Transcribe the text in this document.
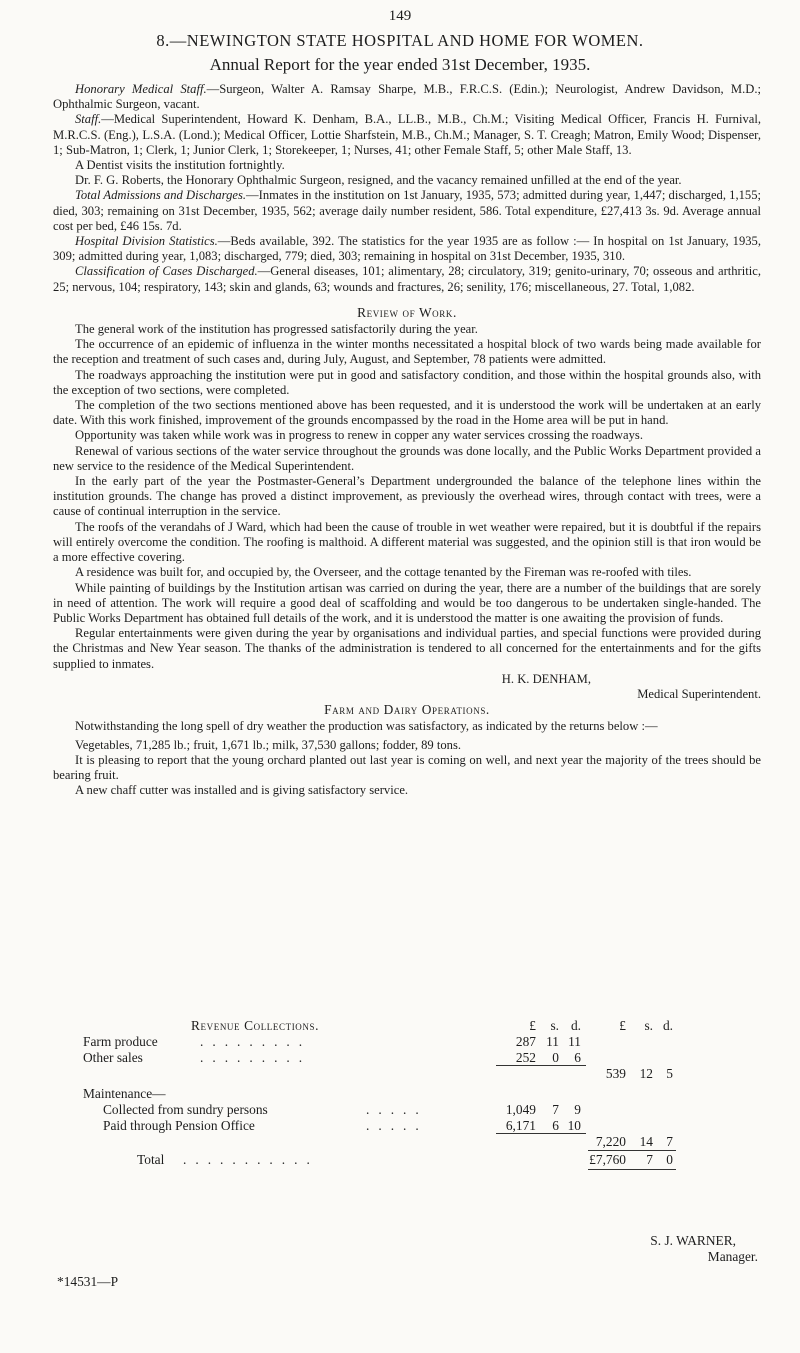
149
8.—NEWINGTON STATE HOSPITAL AND HOME FOR WOMEN.
Annual Report for the year ended 31st December, 1935.

Honorary Medical Staff.—Surgeon, Walter A. Ramsay Sharpe, M.B., F.R.C.S. (Edin.); Neurologist, Andrew Davidson, M.D.; Ophthalmic Surgeon, vacant.

Staff.—Medical Superintendent, Howard K. Denham, B.A., LL.B., M.B., Ch.M.; Visiting Medical Officer, Francis H. Furnival, M.R.C.S. (Eng.), L.S.A. (Lond.); Medical Officer, Lottie Sharfstein, M.B., Ch.M.; Manager, S. T. Creagh; Matron, Emily Wood; Dispenser, 1; Sub-Matron, 1; Clerk, 1; Junior Clerk, 1; Storekeeper, 1; Nurses, 41; other Female Staff, 5; other Male Staff, 13.

A Dentist visits the institution fortnightly.

Dr. F. G. Roberts, the Honorary Ophthalmic Surgeon, resigned, and the vacancy remained unfilled at the end of the year.

Total Admissions and Discharges.—Inmates in the institution on 1st January, 1935, 573; admitted during year, 1,447; discharged, 1,155; died, 303; remaining on 31st December, 1935, 562; average daily number resident, 586. Total expenditure, £27,413 3s. 9d. Average annual cost per bed, £46 15s. 7d.

Hospital Division Statistics.—Beds available, 392. The statistics for the year 1935 are as follow :— In hospital on 1st January, 1935, 309; admitted during year, 1,083; discharged, 779; died, 303; remaining in hospital on 31st December, 1935, 310.

Classification of Cases Discharged.—General diseases, 101; alimentary, 28; circulatory, 319; genito-urinary, 70; osseous and arthritic, 25; nervous, 104; respiratory, 143; skin and glands, 63; wounds and fractures, 26; senility, 176; miscellaneous, 27. Total, 1,082.

Review of Work.

The general work of the institution has progressed satisfactorily during the year.

The occurrence of an epidemic of influenza in the winter months necessitated a hospital block of two wards being made available for the reception and treatment of such cases and, during July, August, and September, 78 patients were admitted.

The roadways approaching the institution were put in good and satisfactory condition, and those within the hospital grounds also, with the exception of two sections, were completed.

The completion of the two sections mentioned above has been requested, and it is understood the work will be undertaken at an early date. With this work finished, improvement of the grounds encompassed by the road in the Home area will be put in hand.

Opportunity was taken while work was in progress to renew in copper any water services crossing the roadways.

Renewal of various sections of the water service throughout the grounds was done locally, and the Public Works Department provided a new service to the residence of the Medical Superintendent.

In the early part of the year the Postmaster-General’s Department undergrounded the balance of the telephone lines within the institution grounds. The change has proved a distinct improvement, as previously the overhead wires, through contact with trees, were a cause of continual interruption in the service.

The roofs of the verandahs of J Ward, which had been the cause of trouble in wet weather were repaired, but it is doubtful if the repairs will entirely overcome the condition. The roofing is malthoid. A different material was suggested, and the opinion still is that iron would be a more effective covering.

A residence was built for, and occupied by, the Overseer, and the cottage tenanted by the Fireman was re-roofed with tiles.

While painting of buildings by the Institution artisan was carried on during the year, there are a number of the buildings that are sorely in need of attention. The work will require a good deal of scaffolding and would be too dangerous to be undertaken single-handed. The Public Works Department has obtained full details of the work, and it is understood the matter is one awaiting the provision of funds.

Regular entertainments were given during the year by organisations and individual parties, and special functions were provided during the Christmas and New Year season. The thanks of the administration is tendered to all concerned for the entertainments and for the gifts supplied to inmates.

H. K. DENHAM,
Medical Superintendent.
Farm and Dairy Operations.

Notwithstanding the long spell of dry weather the production was satisfactory, as indicated by the returns below :—

Vegetables, 71,285 lb.; fruit, 1,671 lb.; milk, 37,530 gallons; fodder, 89 tons.

It is pleasing to report that the young orchard planted out last year is coming on well, and next year the majority of the trees should be bearing fruit.

A new chaff cutter was installed and is giving satisfactory service.

Revenue Collections.	£	s. d.	£	s. d.
Farm produce	.........	287 11 11
Other sales	.........	252	0	6
539	12 5
Maintenance—
Collected from sundry persons	.....	1,049	7	9
Paid through Pension Office	.....	6,171	6 10
7,220	14 7
Total ...........	£7,760	7 0
S. J. WARNER,
Manager.
*14531—P
